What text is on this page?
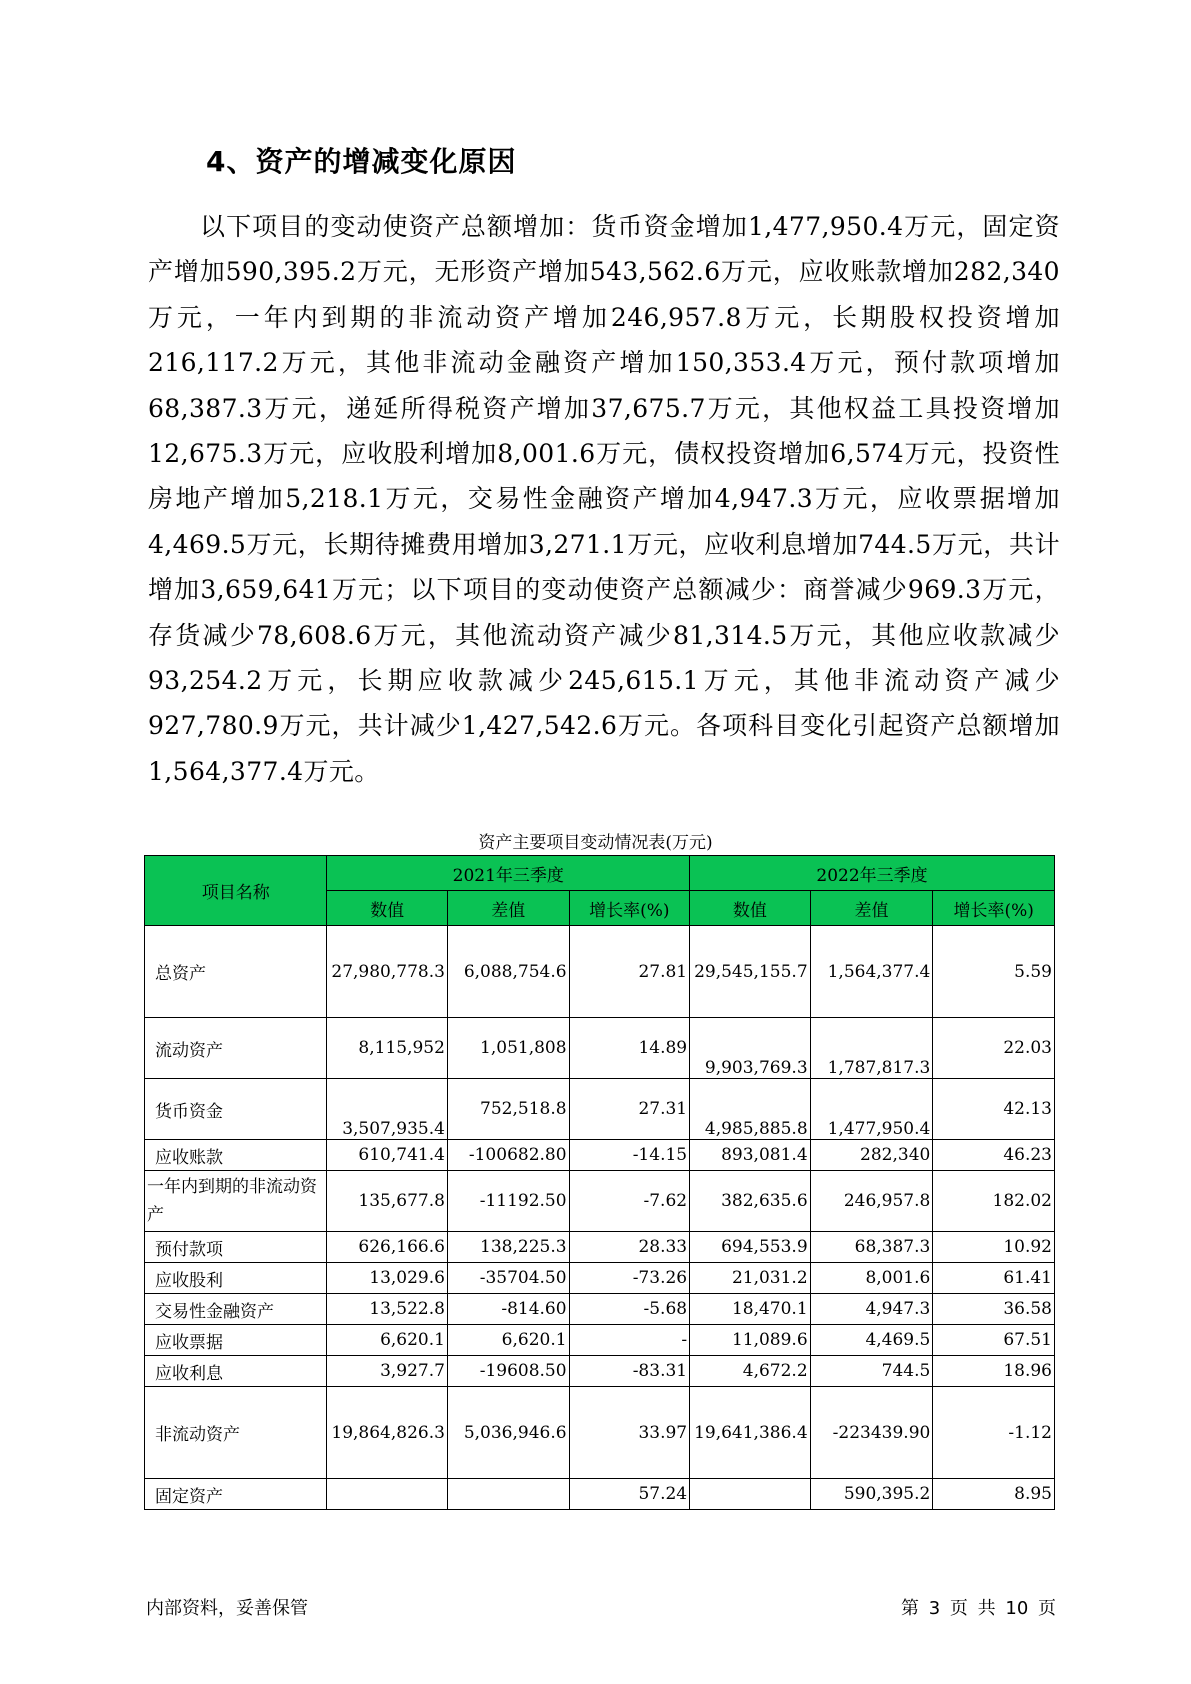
4、资产的增减变化原因

以下项目的变动使资产总额增加：货币资金增加1,477,950.4万元，固定资产增加590,395.2万元，无形资产增加543,562.6万元，应收账款增加282,340万元，一年内到期的非流动资产增加246,957.8万元，长期股权投资增加216,117.2万元，其他非流动金融资产增加150,353.4万元，预付款项增加68,387.3万元，递延所得税资产增加37,675.7万元，其他权益工具投资增加12,675.3万元，应收股利增加8,001.6万元，债权投资增加6,574万元，投资性房地产增加5,218.1万元，交易性金融资产增加4,947.3万元，应收票据增加4,469.5万元，长期待摊费用增加3,271.1万元，应收利息增加744.5万元，共计增加3,659,641万元；以下项目的变动使资产总额减少：商誉减少969.3万元，存货减少78,608.6万元，其他流动资产减少81,314.5万元，其他应收款减少93,254.2万元，长期应收款减少245,615.1万元，其他非流动资产减少927,780.9万元，共计减少1,427,542.6万元。各项科目变化引起资产总额增加1,564,377.4万元。

资产主要项目变动情况表(万元)
项目名称	2021年三季度			2022年三季度		
	数值	差值	增长率(%)	数值	差值	增长率(%)
总资产	27,980,778.3	6,088,754.6	27.81	29,545,155.7	1,564,377.4	5.59
流动资产	8,115,952	1,051,808	14.89	9,903,769.3	1,787,817.3	22.03
货币资金	3,507,935.4	752,518.8	27.31	4,985,885.8	1,477,950.4	42.13
应收账款	610,741.4	-100682.80	-14.15	893,081.4	282,340	46.23
一年内到期的非流动资产	135,677.8	-11192.50	-7.62	382,635.6	246,957.8	182.02
预付款项	626,166.6	138,225.3	28.33	694,553.9	68,387.3	10.92
应收股利	13,029.6	-35704.50	-73.26	21,031.2	8,001.6	61.41
交易性金融资产	13,522.8	-814.60	-5.68	18,470.1	4,947.3	36.58
应收票据	6,620.1	6,620.1	-	11,089.6	4,469.5	67.51
应收利息	3,927.7	-19608.50	-83.31	4,672.2	744.5	18.96
非流动资产	19,864,826.3	5,036,946.6	33.97	19,641,386.4	-223439.90	-1.12
固定资产			57.24		590,395.2	8.95
内部资料，妥善保管	第 3 页 共 10 页
